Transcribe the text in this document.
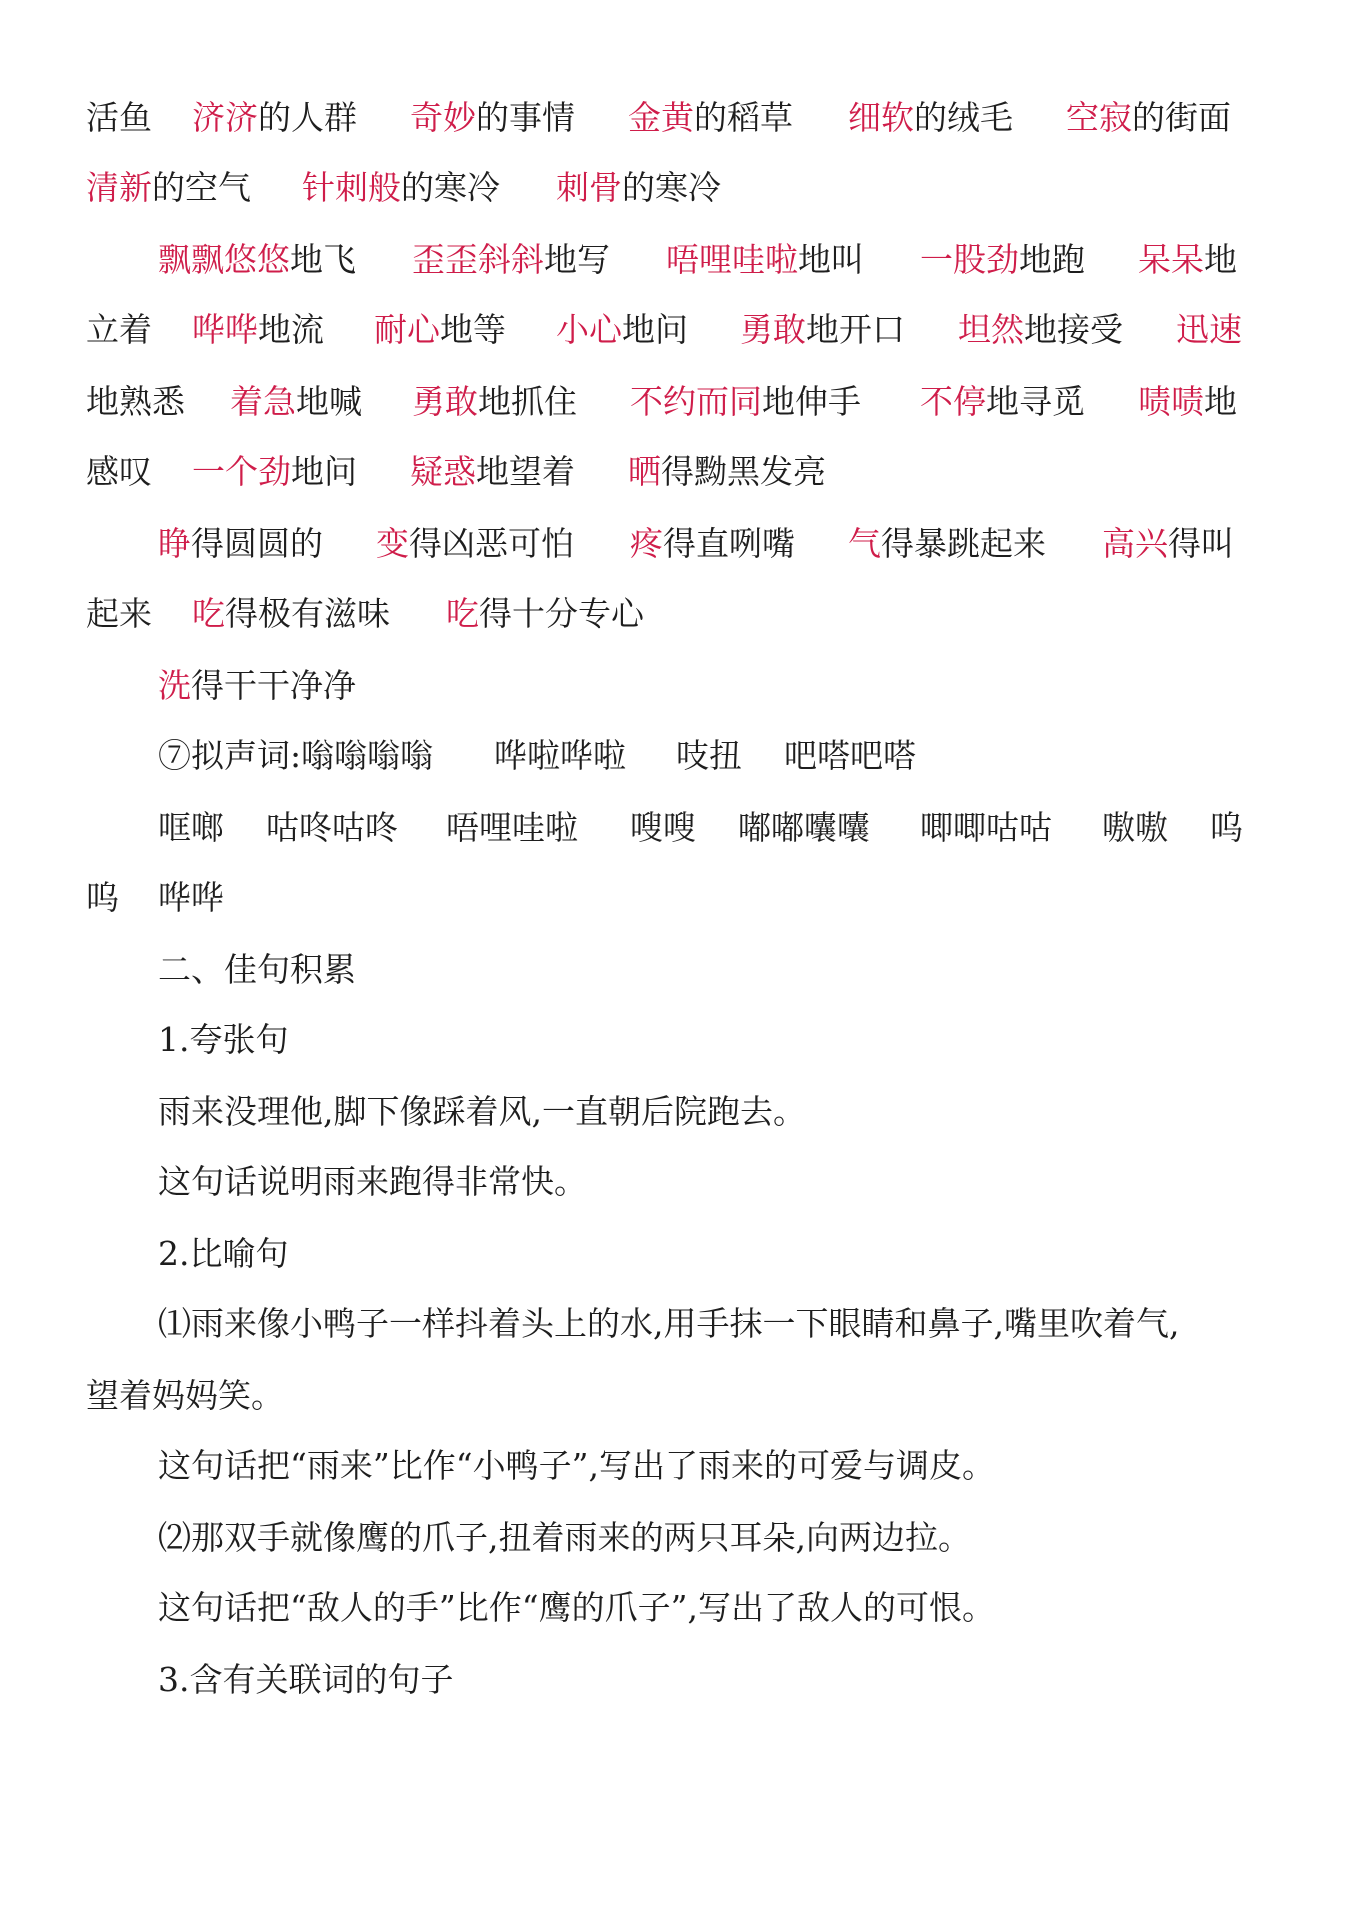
活鱼 济济的人群 奇妙的事情 金黄的稻草 细软的绒毛 空寂的街面
清新的空气 针刺般的寒冷 刺骨的寒冷
飘飘悠悠地飞 歪歪斜斜地写 唔哩哇啦地叫 一股劲地跑 呆呆地
立着 哗哗地流 耐心地等 小心地问 勇敢地开口 坦然地接受 迅速
地熟悉 着急地喊 勇敢地抓住 不约而同地伸手 不停地寻觅 啧啧地
感叹 一个劲地问 疑惑地望着 晒得黝黑发亮
睁得圆圆的 变得凶恶可怕 疼得直咧嘴 气得暴跳起来 高兴得叫
起来 吃得极有滋味 吃得十分专心
洗得干干净净
⑦拟声词:嗡嗡嗡嗡 哗啦哗啦 吱扭 吧嗒吧嗒
哐啷 咕咚咕咚 唔哩哇啦 嗖嗖 嘟嘟囔囔 唧唧咕咕 嗷嗷 呜
呜 哗哗
二、佳句积累
1.夸张句
雨来没理他,脚下像踩着风,一直朝后院跑去。
这句话说明雨来跑得非常快。
2.比喻句
⑴雨来像小鸭子一样抖着头上的水,用手抹一下眼睛和鼻子,嘴里吹着气,
望着妈妈笑。
这句话把“雨来”比作“小鸭子”,写出了雨来的可爱与调皮。
⑵那双手就像鹰的爪子,扭着雨来的两只耳朵,向两边拉。
这句话把“敌人的手”比作“鹰的爪子”,写出了敌人的可恨。
3.含有关联词的句子
